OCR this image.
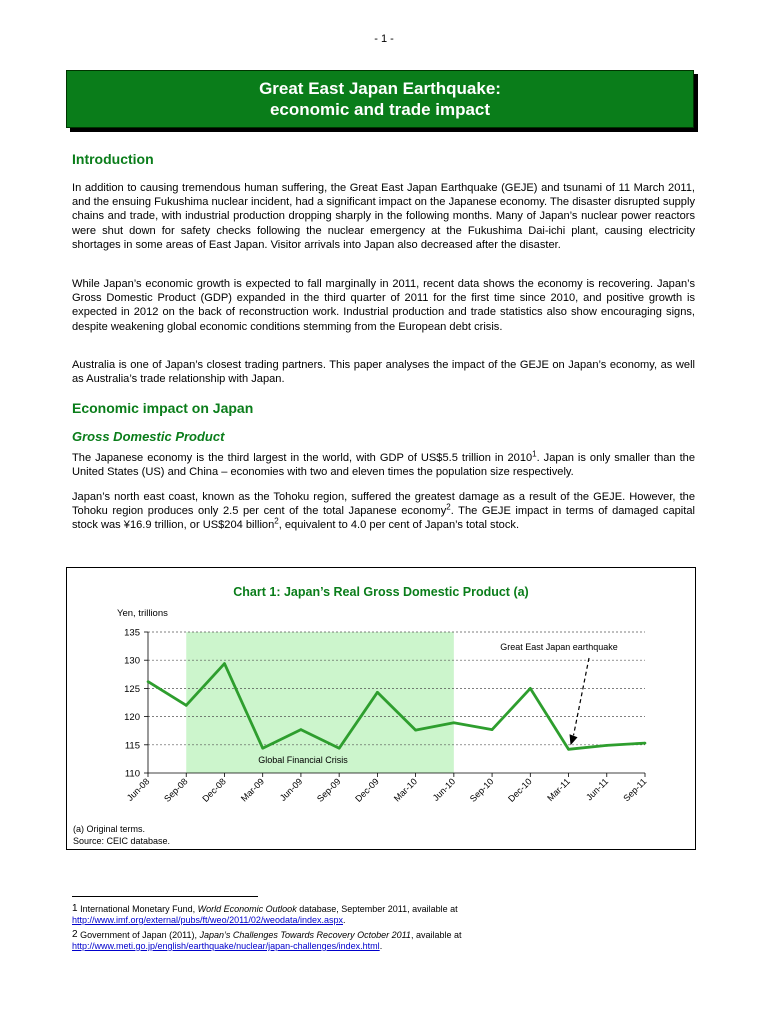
- 1 -
Great East Japan Earthquake:
economic and trade impact
Introduction

In addition to causing tremendous human suffering, the Great East Japan Earthquake (GEJE) and tsunami of 11 March 2011, and the ensuing Fukushima nuclear incident, had a significant impact on the Japanese economy. The disaster disrupted supply chains and trade, with industrial production dropping sharply in the following months. Many of Japan’s nuclear power reactors were shut down for safety checks following the nuclear emergency at the Fukushima Dai-ichi plant, causing electricity shortages in some areas of East Japan. Visitor arrivals into Japan also decreased after the disaster.

While Japan’s economic growth is expected to fall marginally in 2011, recent data shows the economy is recovering. Japan’s Gross Domestic Product (GDP) expanded in the third quarter of 2011 for the first time since 2010, and positive growth is expected in 2012 on the back of reconstruction work. Industrial production and trade statistics also show encouraging signs, despite weakening global economic conditions stemming from the European debt crisis.

Australia is one of Japan’s closest trading partners. This paper analyses the impact of the GEJE on Japan’s economy, as well as Australia’s trade relationship with Japan.

Economic impact on Japan
Gross Domestic Product

The Japanese economy is the third largest in the world, with GDP of US$5.5 trillion in 2010$^1$. Japan is only smaller than the United States (US) and China – economies with two and eleven times the population size respectively.

Japan’s north east coast, known as the Tohoku region, suffered the greatest damage as a result of the GEJE. However, the Tohoku region produces only 2.5 per cent of the total Japanese economy$^2$. The GEJE impact in terms of damaged capital stock was ¥16.9 trillion, or US$204 billion$^2$, equivalent to 4.0 per cent of Japan’s total stock.

Chart 1: Japan’s Real Gross Domestic Product (a)
Yen, trillions
110
115
120
125
130
135
Jun-08 Sep-08 Dec-08 Mar-09 Jun-09 Sep-09 Dec-09 Mar-10 Jun-10 Sep-10 Dec-10 Mar-11 Jun-11 Sep-11
Global Financial Crisis
Great East Japan earthquake
(a) Original terms.
Source: CEIC database.
1 International Monetary Fund, World Economic Outlook database, September 2011, available at
http://www.imf.org/external/pubs/ft/weo/2011/02/weodata/index.aspx.
2 Government of Japan (2011), Japan’s Challenges Towards Recovery October 2011, available at
http://www.meti.go.jp/english/earthquake/nuclear/japan-challenges/index.html.
